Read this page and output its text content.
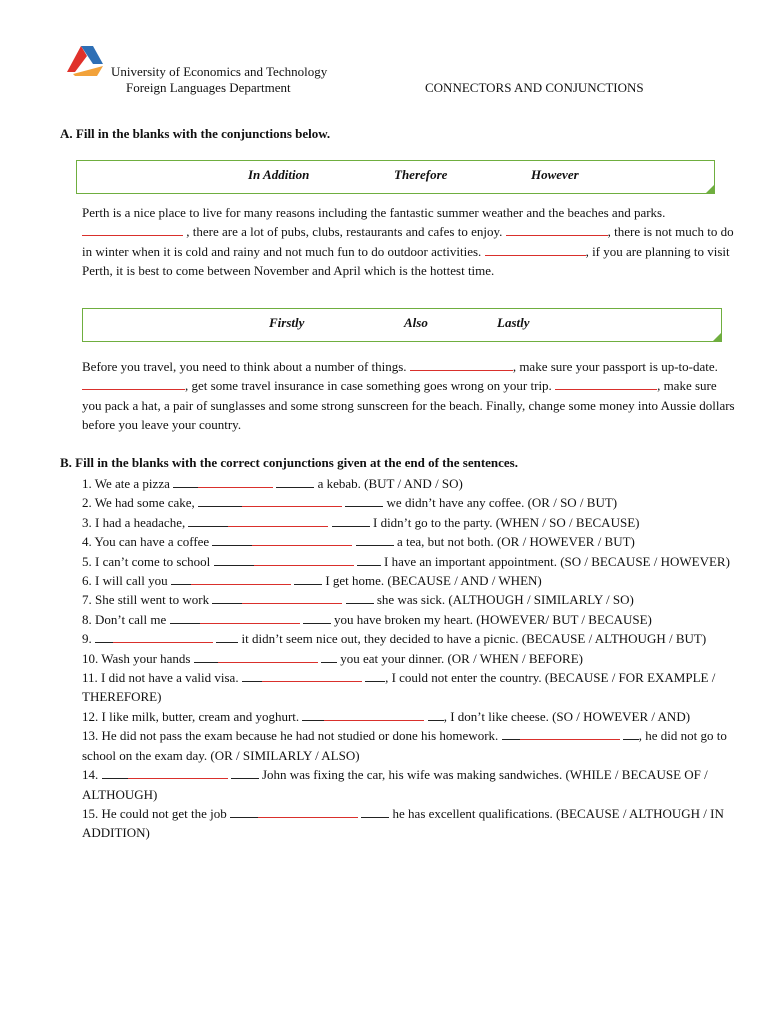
University of Economics and Technology
Foreign Languages Department	CONNECTORS AND CONJUNCTIONS
A. Fill in the blanks with the conjunctions below.
In Addition	Therefore	However
Perth is a nice place to live for many reasons including the fantastic summer weather and the beaches and parks.  , there are a lot of pubs, clubs, restaurants and cafes to enjoy.	, there is not much to do in winter when it is cold and rainy and not much fun to do outdoor activities.	, if you are planning to visit Perth, it is best to come between November and April which is the hottest time.
Firstly	Also	Lastly
Before you travel, you need to think about a number of things.	, make sure your passport is up-to-date. , get some travel insurance in case something goes wrong on your trip.	, make sure you pack a hat, a pair of sunglasses and some strong sunscreen for the beach. Finally, change some money into Aussie dollars before you leave your country.
B. Fill in the blanks with the correct conjunctions given at the end of the sentences.
1. We ate a pizza	a kebab. (BUT / AND / SO)
2. We had some cake,	we didn’t have any coffee. (OR / SO / BUT)
3. I had a headache,	I didn’t go to the party. (WHEN / SO / BECAUSE)
4. You can have a coffee	a tea, but not both. (OR / HOWEVER / BUT)
5. I can’t come to school	I have an important appointment. (SO / BECAUSE / HOWEVER)
6. I will call you	I get home. (BECAUSE / AND / WHEN)
7. She still went to work	she was sick. (ALTHOUGH / SIMILARLY / SO)
8. Don’t call me	you have broken my heart. (HOWEVER/ BUT / BECAUSE)
9.	it didn’t seem nice out, they decided to have a picnic. (BECAUSE / ALTHOUGH / BUT)
10. Wash your hands	you eat your dinner. (OR / WHEN / BEFORE)
11. I did not have a valid visa.	, I could not enter the country. (BECAUSE / FOR EXAMPLE / THEREFORE)
12. I like milk, butter, cream and yoghurt.	, I don’t like cheese. (SO / HOWEVER / AND)
13. He did not pass the exam because he had not studied or done his homework.	, he did not go to school on the exam day. (OR / SIMILARLY / ALSO)
14.	John was fixing the car, his wife was making sandwiches. (WHILE / BECAUSE OF / ALTHOUGH)
15. He could not get the job	he has excellent qualifications. (BECAUSE / ALTHOUGH / IN ADDITION)
